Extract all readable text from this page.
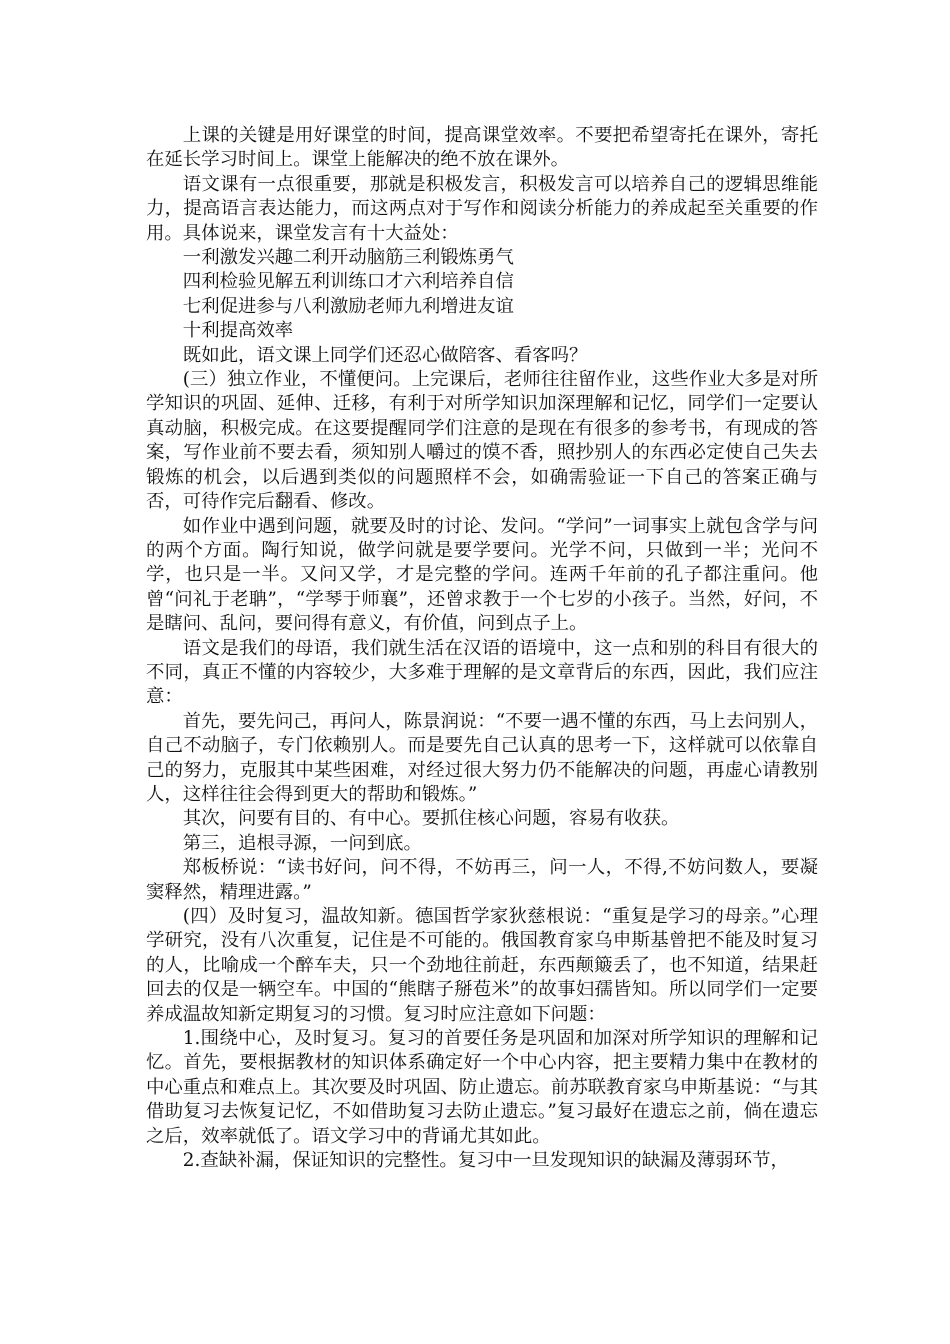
上课的关键是用好课堂的时间，提高课堂效率。不要把希望寄托在课外，寄托在延长学习时间上。课堂上能解决的绝不放在课外。

语文课有一点很重要，那就是积极发言，积极发言可以培养自己的逻辑思维能力，提高语言表达能力，而这两点对于写作和阅读分析能力的养成起至关重要的作用。具体说来，课堂发言有十大益处：

一利激发兴趣二利开动脑筋三利锻炼勇气

四利检验见解五利训练口才六利培养自信

七利促进参与八利激励老师九利增进友谊

十利提高效率

既如此，语文课上同学们还忍心做陪客、看客吗？

(三）独立作业，不懂便问。上完课后，老师往往留作业，这些作业大多是对所学知识的巩固、延伸、迁移，有利于对所学知识加深理解和记忆，同学们一定要认真动脑，积极完成。在这要提醒同学们注意的是现在有很多的参考书，有现成的答案，写作业前不要去看，须知别人嚼过的馍不香，照抄别人的东西必定使自己失去锻炼的机会，以后遇到类似的问题照样不会，如确需验证一下自己的答案正确与否，可待作完后翻看、修改。

如作业中遇到问题，就要及时的讨论、发问。“学问”一词事实上就包含学与问的两个方面。陶行知说，做学问就是要学要问。光学不问，只做到一半；光问不学，也只是一半。又问又学，才是完整的学问。连两千年前的孔子都注重问。他曾“问礼于老聃”，“学琴于师襄”，还曾求教于一个七岁的小孩子。当然，好问，不是瞎问、乱问，要问得有意义，有价值，问到点子上。

语文是我们的母语，我们就生活在汉语的语境中，这一点和别的科目有很大的不同，真正不懂的内容较少，大多难于理解的是文章背后的东西，因此，我们应注意：

首先，要先问己，再问人，陈景润说：“不要一遇不懂的东西，马上去问别人，自己不动脑子，专门依赖别人。而是要先自己认真的思考一下，这样就可以依靠自己的努力，克服其中某些困难，对经过很大努力仍不能解决的问题，再虚心请教别人，这样往往会得到更大的帮助和锻炼。”

其次，问要有目的、有中心。要抓住核心问题，容易有收获。

第三，追根寻源，一问到底。

郑板桥说：“读书好问，问不得，不妨再三，问一人，不得,不妨问数人，要凝窦释然，精理进露。”

(四）及时复习，温故知新。德国哲学家狄慈根说：“重复是学习的母亲。”心理学研究，没有八次重复，记住是不可能的。俄国教育家乌申斯基曾把不能及时复习的人，比喻成一个醉车夫，只一个劲地往前赶，东西颠簸丢了，也不知道，结果赶回去的仅是一辆空车。中国的“熊瞎子掰苞米”的故事妇孺皆知。所以同学们一定要养成温故知新定期复习的习惯。复习时应注意如下问题：

1.围绕中心，及时复习。复习的首要任务是巩固和加深对所学知识的理解和记忆。首先，要根据教材的知识体系确定好一个中心内容，把主要精力集中在教材的中心重点和难点上。其次要及时巩固、防止遗忘。前苏联教育家乌申斯基说：“与其借助复习去恢复记忆，不如借助复习去防止遗忘。”复习最好在遗忘之前，倘在遗忘之后，效率就低了。语文学习中的背诵尤其如此。

2.查缺补漏，保证知识的完整性。复习中一旦发现知识的缺漏及薄弱环节，
